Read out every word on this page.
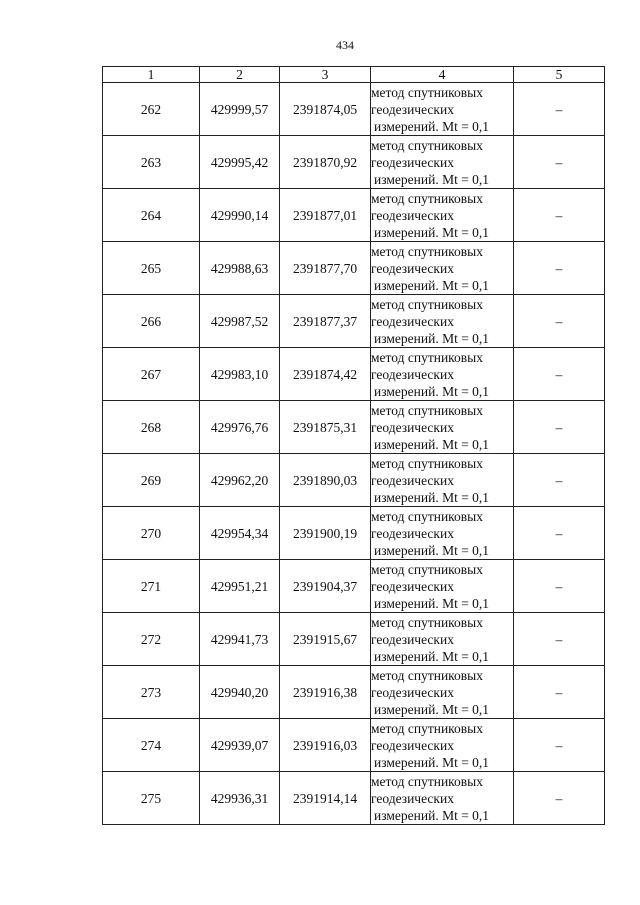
434
1	2	3	4	5
262	429999,57	2391874,05	метод спутниковых
геодезических
измерений. Mt = 0,1	–
263	429995,42	2391870,92	метод спутниковых
геодезических
измерений. Mt = 0,1	–
264	429990,14	2391877,01	метод спутниковых
геодезических
измерений. Mt = 0,1	–
265	429988,63	2391877,70	метод спутниковых
геодезических
измерений. Mt = 0,1	–
266	429987,52	2391877,37	метод спутниковых
геодезических
измерений. Mt = 0,1	–
267	429983,10	2391874,42	метод спутниковых
геодезических
измерений. Mt = 0,1	–
268	429976,76	2391875,31	метод спутниковых
геодезических
измерений. Mt = 0,1	–
269	429962,20	2391890,03	метод спутниковых
геодезических
измерений. Mt = 0,1	–
270	429954,34	2391900,19	метод спутниковых
геодезических
измерений. Mt = 0,1	–
271	429951,21	2391904,37	метод спутниковых
геодезических
измерений. Mt = 0,1	–
272	429941,73	2391915,67	метод спутниковых
геодезических
измерений. Mt = 0,1	–
273	429940,20	2391916,38	метод спутниковых
геодезических
измерений. Mt = 0,1	–
274	429939,07	2391916,03	метод спутниковых
геодезических
измерений. Mt = 0,1	–
275	429936,31	2391914,14	метод спутниковых
геодезических
измерений. Mt = 0,1	–
